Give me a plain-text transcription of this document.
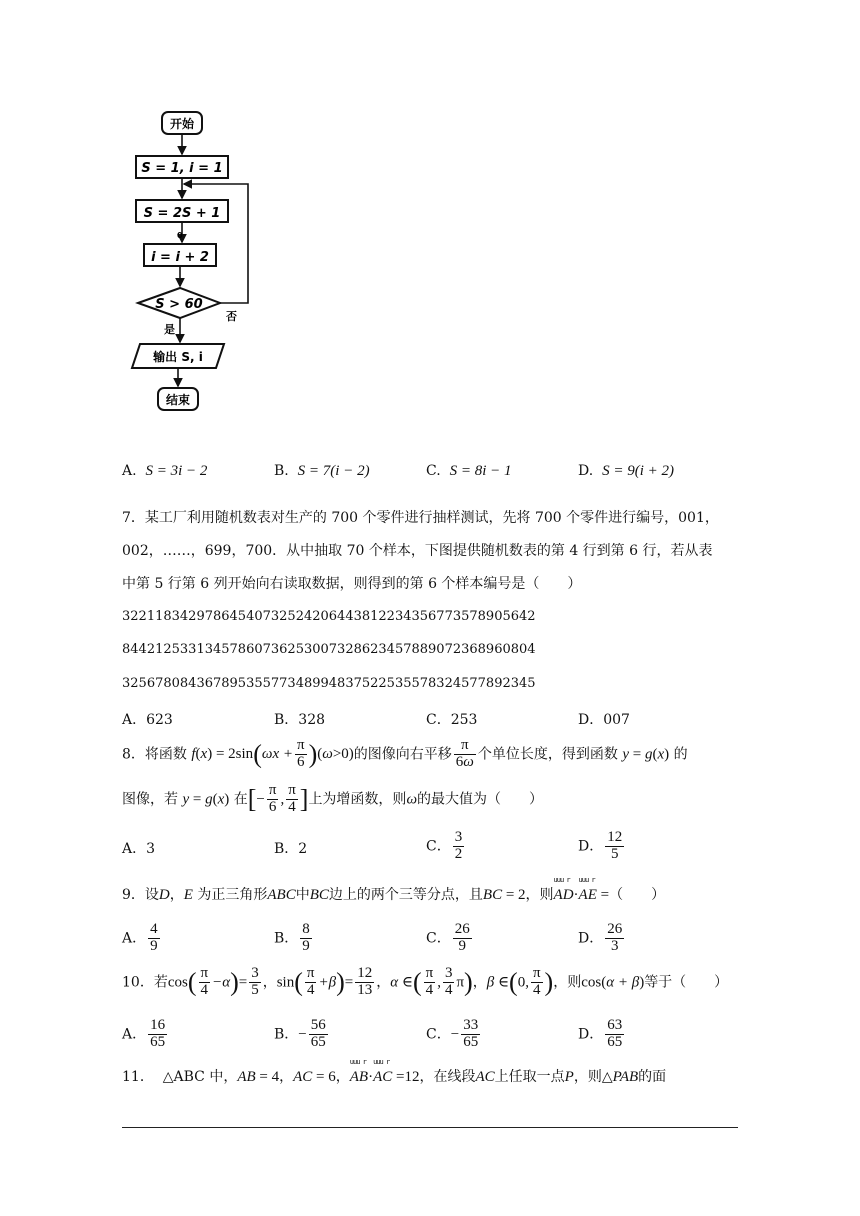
开始
S = 1, i = 1
S = 2S + 1
0
i = i + 2
S > 60
否
是
输出 S, i
结束
A. S = 3i − 2	B. S = 7(i − 2)	C. S = 8i − 1	D. S = 9(i + 2)
7．某工厂利用随机数表对生产的 700 个零件进行抽样测试，先将 700 个零件进行编号，001，
002，……，699，700．从中抽取 70 个样本，下图提供随机数表的第 4 行到第 6 行，若从表
中第 5 行第 6 列开始向右读取数据，则得到的第 6 个样本编号是（　　）
32211834297864540732524206443812234356773578905642
84421253313457860736253007328623457889072368960804
32567808436789535577348994837522535578324577892345
A．623	B．328	C．253	D．007
8．将函数 $f(x) = 2\sin(\omega x + \frac{\pi}{6} )(\omega>0)$的图像向右平移 $\frac{\pi}{6\omega}$ 个单位长度，得到函数 y = g(x) 的
图像，若 y = g(x) 在[− $\frac{\pi}{6}$ , $\frac{\pi}{4}$ ]上为增函数，则ω的最大值为（　　）
A．3	B．2	C． $\frac{3}{2}$	D． $\frac{12}{5}$
9．设D，E 为正三角形ABC中BC边上的两个三等分点，且BC = 2，则uuu r AD·uuu r AE =（　　）
A． $\frac{4}{9}$	B． $\frac{8}{9}$	C． $\frac{26}{9}$	D． $\frac{26}{3}$
10．若$\cos( \frac{\pi}{4} -\alpha)= \frac{3}{5}$ ，$\sin( \frac{\pi}{4} +\beta)= \frac{12}{13}$ ，α ∈( $\frac{\pi}{4}$ , $\frac{3}{4} \pi$)，β ∈(0, $\frac{\pi}{4}$ )，则cos(α + β)等于（　　）
A． $\frac{16}{65}$	B．− $\frac{56}{65}$	C．− $\frac{33}{65}$	D． $\frac{63}{65}$
11． △ABC 中，AB = 4，AC = 6，uuu r AB·uuu r AC =12，在线段AC上任取一点P，则△PAB的面
